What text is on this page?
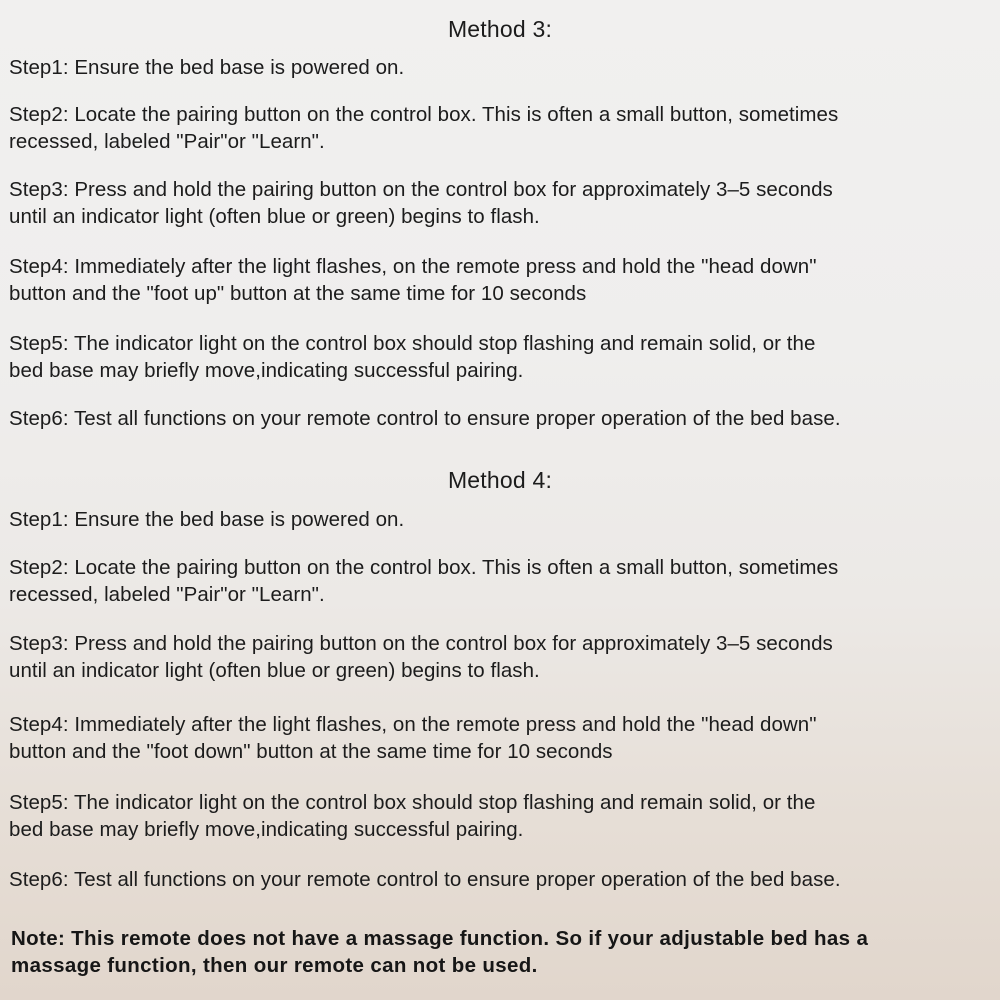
Method 3:

Step1: Ensure the bed base is powered on.

Step2: Locate the pairing button on the control box. This is often a small button, sometimes
recessed, labeled "Pair"or "Learn".

Step3: Press and hold the pairing button on the control box for approximately 3–5 seconds
until an indicator light (often blue or green) begins to flash.

Step4: Immediately after the light flashes, on the remote press and hold the "head down"
button and the "foot up" button at the same time for 10 seconds

Step5: The indicator light on the control box should stop flashing and remain solid, or the
bed base may briefly move,indicating successful pairing.

Step6: Test all functions on your remote control to ensure proper operation of the bed base.

Method 4:

Step1: Ensure the bed base is powered on.

Step2: Locate the pairing button on the control box. This is often a small button, sometimes
recessed, labeled "Pair"or "Learn".

Step3: Press and hold the pairing button on the control box for approximately 3–5 seconds
until an indicator light (often blue or green) begins to flash.

Step4: Immediately after the light flashes, on the remote press and hold the "head down"
button and the "foot down" button at the same time for 10 seconds

Step5: The indicator light on the control box should stop flashing and remain solid, or the
bed base may briefly move,indicating successful pairing.

Step6: Test all functions on your remote control to ensure proper operation of the bed base.

Note: This remote does not have a massage function. So if your adjustable bed has a
massage function, then our remote can not be used.
